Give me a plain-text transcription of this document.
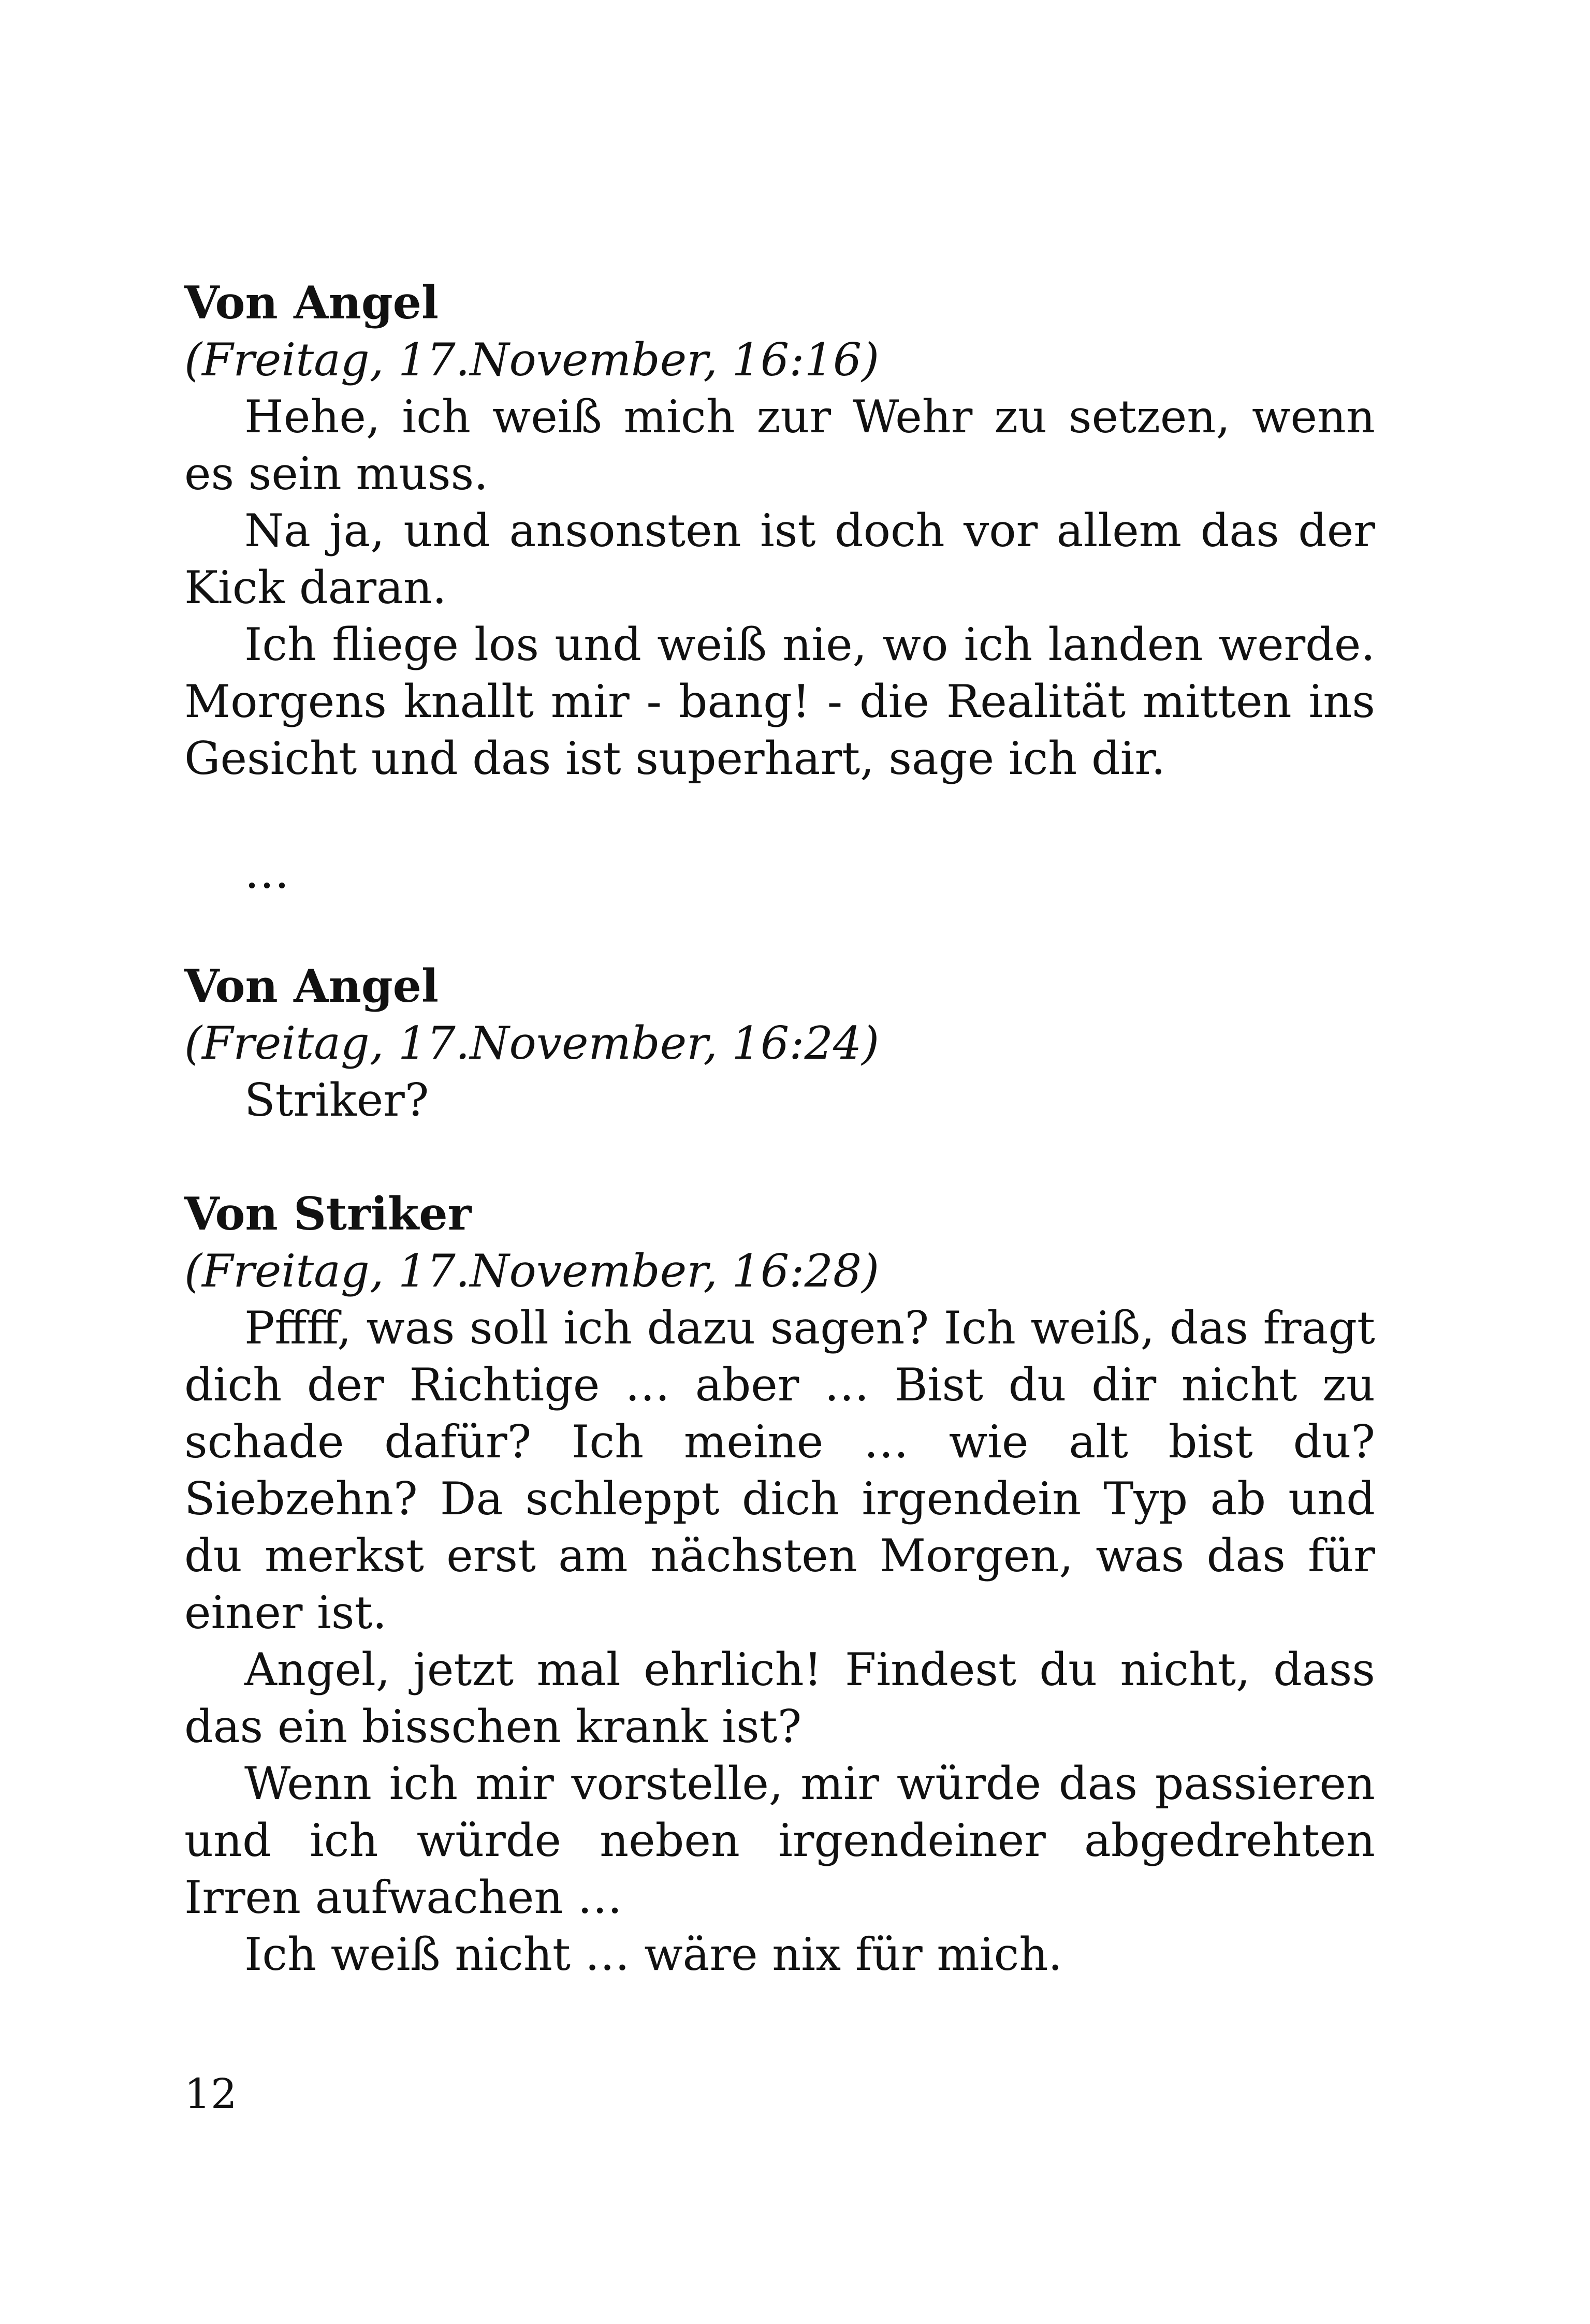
Von Angel

(Freitag, 17.November, 16:16)

Hehe, ich weiß mich zur Wehr zu setzen, wenn es sein muss.

Na ja, und ansonsten ist doch vor allem das der Kick daran.

Ich fliege los und weiß nie, wo ich landen werde. Morgens knallt mir - bang! - die Realität mitten ins Gesicht und das ist superhart, sage ich dir.

…

Von Angel

(Freitag, 17.November, 16:24)

Striker?

Von Striker

(Freitag, 17.November, 16:28)

Pffff, was soll ich dazu sagen? Ich weiß, das fragt dich der Richtige … aber … Bist du dir nicht zu schade dafür? Ich meine … wie alt bist du? Siebzehn? Da schleppt dich irgendein Typ ab und du merkst erst am nächsten Morgen, was das für einer ist.

Angel, jetzt mal ehrlich! Findest du nicht, dass das ein bisschen krank ist?

Wenn ich mir vorstelle, mir würde das passieren und ich würde neben irgendeiner abgedrehten Irren aufwachen …

Ich weiß nicht … wäre nix für mich.

12
